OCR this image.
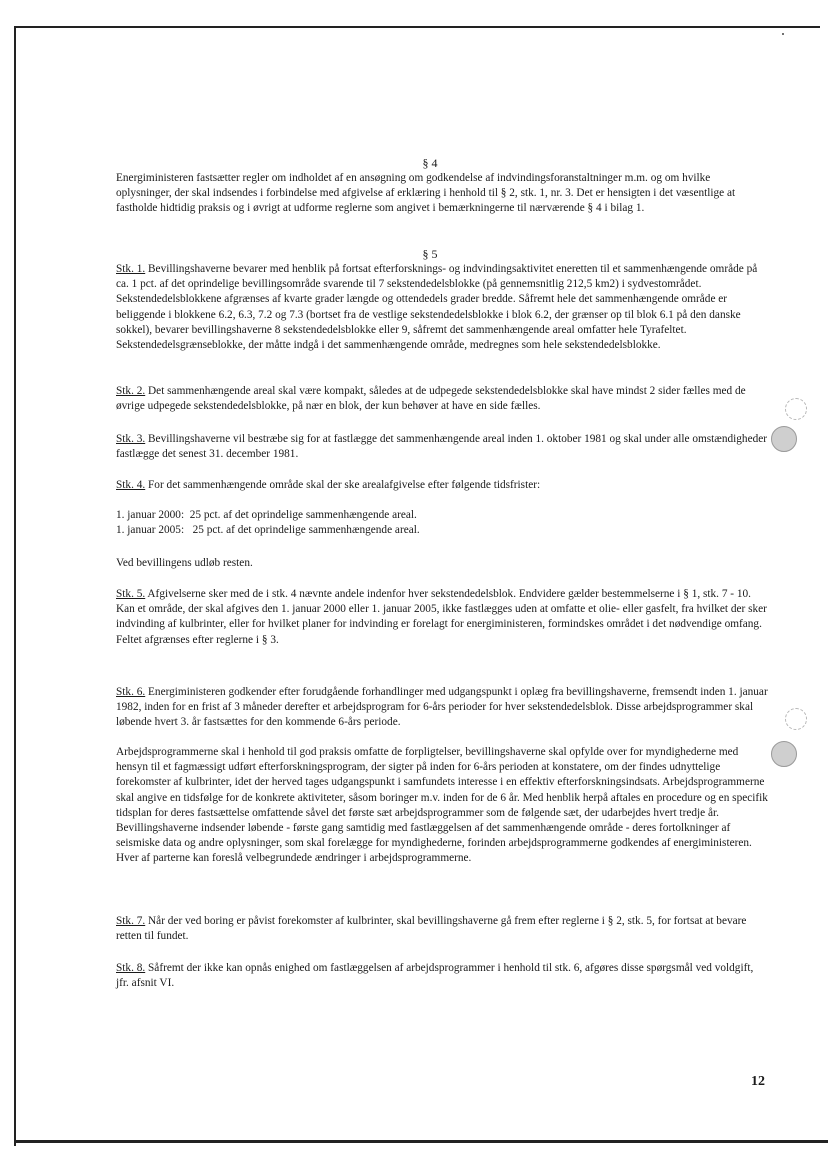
§ 4

Energiministeren fastsætter regler om indholdet af en ansøgning om godkendelse af indvindingsforanstaltninger m.m. og om hvilke oplysninger, der skal indsendes i forbindelse med afgivelse af erklæring i henhold til § 2, stk. 1, nr. 3. Det er hensigten i det væsentlige at fastholde hidtidig praksis og i øvrigt at udforme reglerne som angivet i bemærkningerne til nærværende § 4 i bilag 1.

§ 5

Stk. 1. Bevillingshaverne bevarer med henblik på fortsat efterforsknings- og indvindingsaktivitet eneretten til et sammenhængende område på ca. 1 pct. af det oprindelige bevillingsområde svarende til 7 sekstendedelsblokke (på gennemsnitlig 212,5 km2) i sydvestområdet. Sekstendedelsblokkene afgrænses af kvarte grader længde og ottendedels grader bredde. Såfremt hele det sammenhængende område er beliggende i blokkene 6.2, 6.3, 7.2 og 7.3 (bortset fra de vestlige sekstendedelsblokke i blok 6.2, der grænser op til blok 6.1 på den danske sokkel), bevarer bevillingshaverne 8 sekstendedelsblokke eller 9, såfremt det sammenhængende areal omfatter hele Tyrafeltet. Sekstendedelsgrænseblokke, der måtte indgå i det sammenhængende område, medregnes som hele sekstendedelsblokke.

Stk. 2. Det sammenhængende areal skal være kompakt, således at de udpegede sekstendedelsblokke skal have mindst 2 sider fælles med de øvrige udpegede sekstendedelsblokke, på nær en blok, der kun behøver at have en side fælles.

Stk. 3. Bevillingshaverne vil bestræbe sig for at fastlægge det sammenhængende areal inden 1. oktober 1981 og skal under alle omstændigheder fastlægge det senest 31. december 1981.

Stk. 4. For det sammenhængende område skal der ske arealafgivelse efter følgende tidsfrister:

1. januar 2000: 25 pct. af det oprindelige sammenhængende areal.
1. januar 2005: 25 pct. af det oprindelige sammenhængende areal.

Ved bevillingens udløb resten.

Stk. 5. Afgivelserne sker med de i stk. 4 nævnte andele indenfor hver sekstendedelsblok. Endvidere gælder bestemmelserne i § 1, stk. 7 - 10. Kan et område, der skal afgives den 1. januar 2000 eller 1. januar 2005, ikke fastlægges uden at omfatte et olie- eller gasfelt, fra hvilket der sker indvinding af kulbrinter, eller for hvilket planer for indvinding er forelagt for energiministeren, formindskes området i det nødvendige omfang. Feltet afgrænses efter reglerne i § 3.

Stk. 6. Energiministeren godkender efter forudgående forhandlinger med udgangspunkt i oplæg fra bevillingshaverne, fremsendt inden 1. januar 1982, inden for en frist af 3 måneder derefter et arbejdsprogram for 6-års perioder for hver sekstendedelsblok. Disse arbejdsprogrammer skal løbende hvert 3. år fastsættes for den kommende 6-års periode.

Arbejdsprogrammerne skal i henhold til god praksis omfatte de forpligtelser, bevillingshaverne skal opfylde over for myndighederne med hensyn til et fagmæssigt udført efterforskningsprogram, der sigter på inden for 6-års perioden at konstatere, om der findes udnyttelige forekomster af kulbrinter, idet der herved tages udgangspunkt i samfundets interesse i en effektiv efterforskningsindsats. Arbejdsprogrammerne skal angive en tidsfølge for de konkrete aktiviteter, såsom boringer m.v. inden for de 6 år. Med henblik herpå aftales en procedure og en specifik tidsplan for deres fastsættelse omfattende såvel det første sæt arbejdsprogrammer som de følgende sæt, der udarbejdes hvert tredje år. Bevillingshaverne indsender løbende - første gang samtidig med fastlæggelsen af det sammenhængende område - deres fortolkninger af seismiske data og andre oplysninger, som skal forelægge for myndighederne, forinden arbejdsprogrammerne godkendes af energiministeren. Hver af parterne kan foreslå velbegrundede ændringer i arbejdsprogrammerne.

Stk. 7. Når der ved boring er påvist forekomster af kulbrinter, skal bevillingshaverne gå frem efter reglerne i § 2, stk. 5, for fortsat at bevare retten til fundet.

Stk. 8. Såfremt der ikke kan opnås enighed om fastlæggelsen af arbejdsprogrammer i henhold til stk. 6, afgøres disse spørgsmål ved voldgift, jfr. afsnit VI.

12
